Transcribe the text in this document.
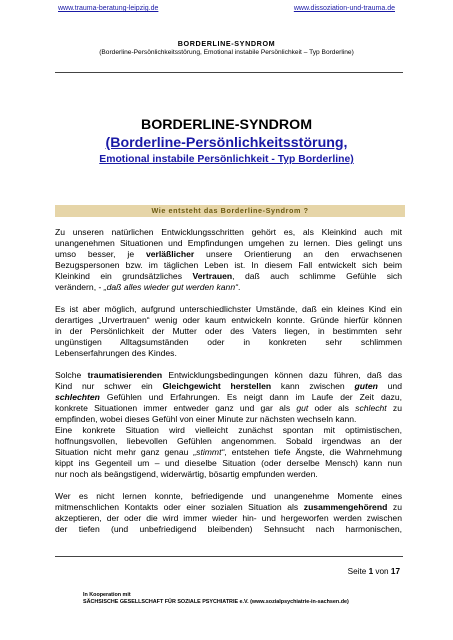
www.trauma-beratung-leipzig.de	www.dissoziation-und-trauma.de
BORDERLINE-SYNDROM
(Borderline-Persönlichkeitsstörung, Emotional instabile Persönlichkeit – Typ Borderline)
BORDERLINE-SYNDROM
(Borderline-Persönlichkeitsstörung,
Emotional instabile Persönlichkeit - Typ Borderline)
Wie entsteht das Borderline-Syndrom ?

Zu unseren natürlichen Entwicklungsschritten gehört es, als Kleinkind auch mit

unangenehmen Situationen und Empfindungen umgehen zu lernen. Dies gelingt uns

umso besser, je verläßlicher unsere Orientierung an den erwachsenen

Bezugspersonen bzw. im täglichen Leben ist. In diesem Fall entwickelt sich beim

Kleinkind ein grundsätzliches Vertrauen, daß auch schlimme Gefühle sich

verändern, - „daß alles wieder gut werden kann“.

Es ist aber möglich, aufgrund unterschiedlichster Umstände, daß ein kleines Kind ein

derartiges „Urvertrauen“ wenig oder kaum entwickeln konnte. Gründe hierfür können

in der Persönlichkeit der Mutter oder des Vaters liegen, in bestimmten sehr

ungünstigen Alltagsumständen oder in konkreten sehr schlimmen

Lebenserfahrungen des Kindes.

Solche traumatisierenden Entwicklungsbedingungen können dazu führen, daß das

Kind nur schwer ein Gleichgewicht herstellen kann zwischen guten und

schlechten Gefühlen und Erfahrungen. Es neigt dann im Laufe der Zeit dazu,

konkrete Situationen immer entweder ganz und gar als gut oder als schlecht zu

empfinden, wobei dieses Gefühl von einer Minute zur nächsten wechseln kann.

Eine konkrete Situation wird vielleicht zunächst spontan mit optimistischen,

hoffnungsvollen, liebevollen Gefühlen angenommen. Sobald irgendwas an der

Situation nicht mehr ganz genau „stimmt“, entstehen tiefe Ängste, die Wahrnehmung

kippt ins Gegenteil um – und dieselbe Situation (oder derselbe Mensch) kann nun

nur noch als beängstigend, widerwärtig, bösartig empfunden werden.

Wer es nicht lernen konnte, befriedigende und unangenehme Momente eines

mitmenschlichen Kontakts oder einer sozialen Situation als zusammengehörend zu

akzeptieren, der oder die wird immer wieder hin- und hergeworfen werden zwischen

der tiefen (und unbefriedigend bleibenden) Sehnsucht nach harmonischen,

Seite 1 von 17
In Kooperation mit
SÄCHSISCHE GESELLSCHAFT FÜR SOZIALE PSYCHIATRIE e.V. (www.sozialpsychiatrie-in-sachsen.de)
